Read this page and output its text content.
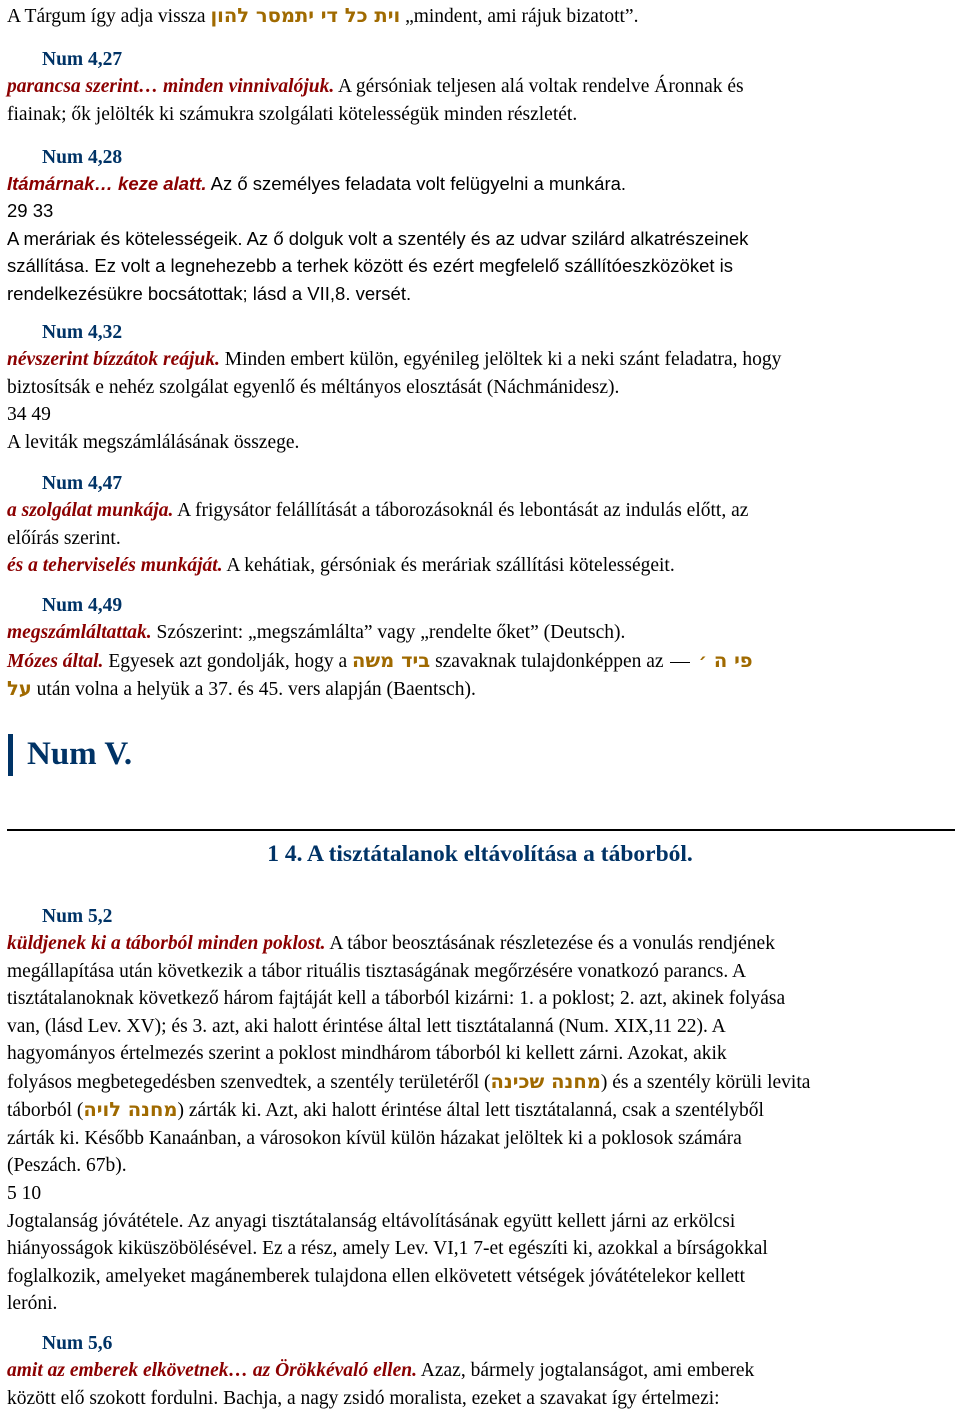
A Tárgum így adja vissza וית כל די יתמסר להון „mindent, ami rájuk bizatott”.
Num 4,27
parancsa szerint… minden vinnivalójuk. A gérsóniak teljesen alá voltak rendelve Áronnak és
fiainak; ők jelölték ki számukra szolgálati kötelességük minden részletét.
Num 4,28
Itámárnak… keze alatt. Az ő személyes feladata volt felügyelni a munkára.
29 33
A meráriak és kötelességeik. Az ő dolguk volt a szentély és az udvar szilárd alkatrészeinek
szállítása. Ez volt a legnehezebb a terhek között és ezért megfelelő szállítóeszközöket is
rendelkezésükre bocsátottak; lásd a VII,8. versét.
Num 4,32
névszerint bízzátok reájuk. Minden embert külön, egyénileg jelöltek ki a neki szánt feladatra, hogy
biztosítsák e nehéz szolgálat egyenlő és méltányos elosztását (Náchmánidesz).
34 49
A leviták megszámlálásának összege.
Num 4,47
a szolgálat munkája. A frigysátor felállítását a táborozásoknál és lebontását az indulás előtt, az
előírás szerint.
és a teherviselés munkáját. A kehátiak, gérsóniak és meráriak szállítási kötelességeit.
Num 4,49
megszámláltattak. Szószerint: „megszámlálta” vagy „rendelte őket” (Deutsch).
Mózes által. Egyesek azt gondolják, hogy a ביד משה szavaknak tulajdonképpen az פי ה ׳
על után volna a helyük a 37. és 45. vers alapján (Baentsch).
Num V.
1 4. A tisztátalanok eltávolítása a táborból.
Num 5,2
küldjenek ki a táborból minden poklost. A tábor beosztásának részletezése és a vonulás rendjének
megállapítása után következik a tábor rituális tisztaságának megőrzésére vonatkozó parancs. A
tisztátalanoknak következő három fajtáját kell a táborból kizárni: 1. a poklost; 2. azt, akinek folyása
van, (lásd Lev. XV); és 3. azt, aki halott érintése által lett tisztátalanná (Num. XIX,11 22). A
hagyományos értelmezés szerint a poklost mindhárom táborból ki kellett zárni. Azokat, akik
folyásos megbetegedésben szenvedtek, a szentély területéről (מחנה שכינה) és a szentély körüli levita
táborból (מחנה לויה) zárták ki. Azt, aki halott érintése által lett tisztátalanná, csak a szentélyből
zárták ki. Később Kanaánban, a városokon kívül külön házakat jelöltek ki a poklosok számára
(Peszách. 67b).
5 10
Jogtalanság jóvátétele. Az anyagi tisztátalanság eltávolításának együtt kellett járni az erkölcsi
hiányosságok kiküszöbölésével. Ez a rész, amely Lev. VI,1 7-et egészíti ki, azokkal a bírságokkal
foglalkozik, amelyeket magánemberek tulajdona ellen elkövetett vétségek jóvátételekor kellett
leróni.
Num 5,6
amit az emberek elkövetnek… az Örökkévaló ellen. Azaz, bármely jogtalanságot, ami emberek
között elő szokott fordulni. Bachja, a nagy zsidó moralista, ezeket a szavakat így értelmezi:
